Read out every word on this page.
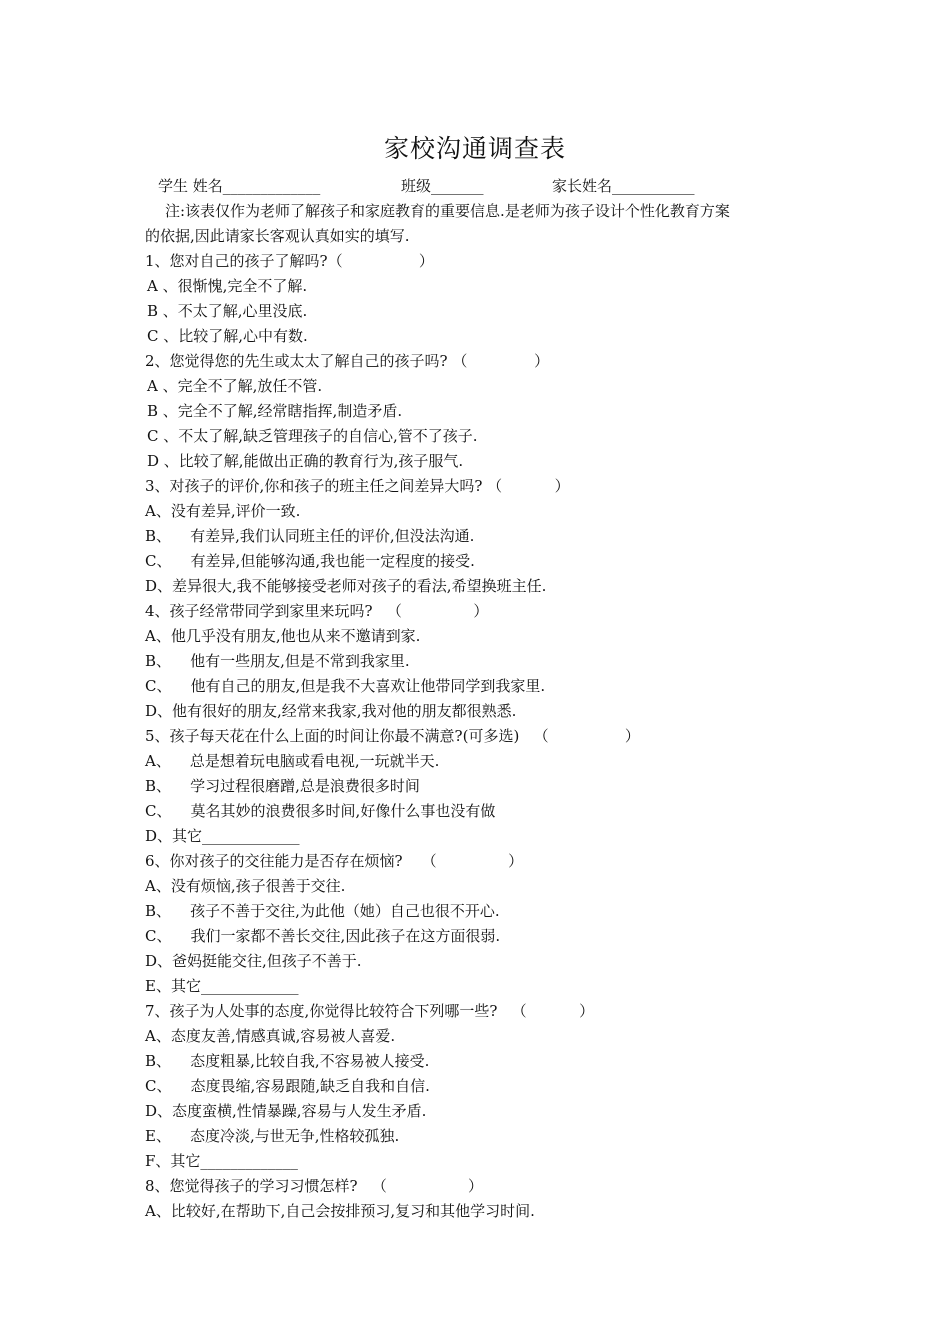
家校沟通调查表
学生 姓名_____________	班级_______	家长姓名___________
注:该表仅作为老师了解孩子和家庭教育的重要信息.是老师为孩子设计个性化教育方案
的依据,因此请家长客观认真如实的填写.
1、您对自己的孩子了解吗?（                ）
A 、很惭愧,完全不了解.
B 、不太了解,心里没底.
C 、比较了解,心中有数.
2、您觉得您的先生或太太了解自己的孩子吗? （              ）
A 、完全不了解,放任不管.
B 、完全不了解,经常瞎指挥,制造矛盾.
C 、不太了解,缺乏管理孩子的自信心,管不了孩子.
D 、比较了解,能做出正确的教育行为,孩子服气.
3、对孩子的评价,你和孩子的班主任之间差异大吗? （           ）
A、没有差异,评价一致.
B、    有差异,我们认同班主任的评价,但没法沟通.
C、    有差异,但能够沟通,我也能一定程度的接受.
D、差异很大,我不能够接受老师对孩子的看法,希望换班主任.
4、孩子经常带同学到家里来玩吗?   （               ）
A、他几乎没有朋友,他也从来不邀请到家.
B、    他有一些朋友,但是不常到我家里.
C、    他有自己的朋友,但是我不大喜欢让他带同学到我家里.
D、他有很好的朋友,经常来我家,我对他的朋友都很熟悉.
5、孩子每天花在什么上面的时间让你最不满意?(可多选)   （                ）
A、    总是想着玩电脑或看电视,一玩就半天.
B、    学习过程很磨蹭,总是浪费很多时间
C、    莫名其妙的浪费很多时间,好像什么事也没有做
D、其它_____________
6、你对孩子的交往能力是否存在烦恼?    （               ）
A、没有烦恼,孩子很善于交往.
B、    孩子不善于交往,为此他（她）自己也很不开心.
C、    我们一家都不善长交往,因此孩子在这方面很弱.
D、爸妈挺能交往,但孩子不善于.
E、其它_____________
7、孩子为人处事的态度,你觉得比较符合下列哪一些?   （           ）
A、态度友善,情感真诚,容易被人喜爱.
B、    态度粗暴,比较自我,不容易被人接受.
C、    态度畏缩,容易跟随,缺乏自我和自信.
D、态度蛮横,性情暴躁,容易与人发生矛盾.
E、    态度冷淡,与世无争,性格较孤独.
F、其它_____________
8、您觉得孩子的学习习惯怎样?   （                 ）
A、比较好,在帮助下,自己会按排预习,复习和其他学习时间.
